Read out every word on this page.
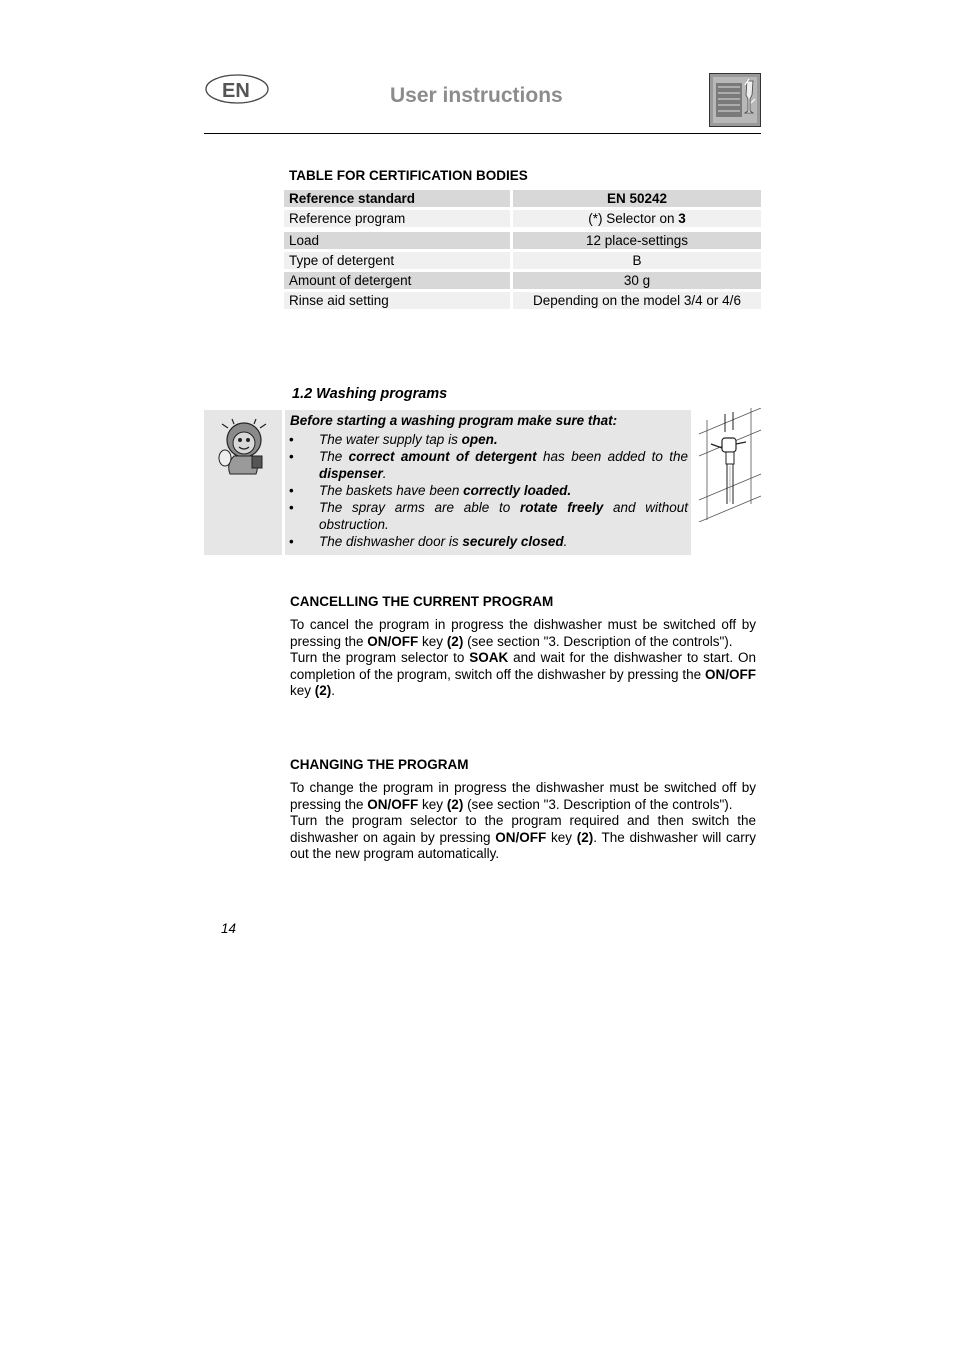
EN	User instructions
TABLE FOR CERTIFICATION BODIES
Reference standard	EN 50242
Reference program	(*) Selector on 3
Load	12 place-settings
Type of detergent	B
Amount of detergent	30 g
Rinse aid setting	Depending on the model 3/4 or 4/6
1.2 Washing programs
Before starting a washing program make sure that:
• The water supply tap is open.
• The correct amount of detergent has been added to the dispenser.
• The baskets have been correctly loaded.
• The spray arms are able to rotate freely and without obstruction.
• The dishwasher door is securely closed.
CANCELLING THE CURRENT PROGRAM
To cancel the program in progress the dishwasher must be switched off by pressing the ON/OFF key (2) (see section "3. Description of the controls").
Turn the program selector to SOAK and wait for the dishwasher to start. On completion of the program, switch off the dishwasher by pressing the ON/OFF key (2).
CHANGING THE PROGRAM
To change the program in progress the dishwasher must be switched off by pressing the ON/OFF key (2) (see section "3. Description of the controls").
Turn the program selector to the program required and then switch the dishwasher on again by pressing ON/OFF key (2). The dishwasher will carry out the new program automatically.
14
